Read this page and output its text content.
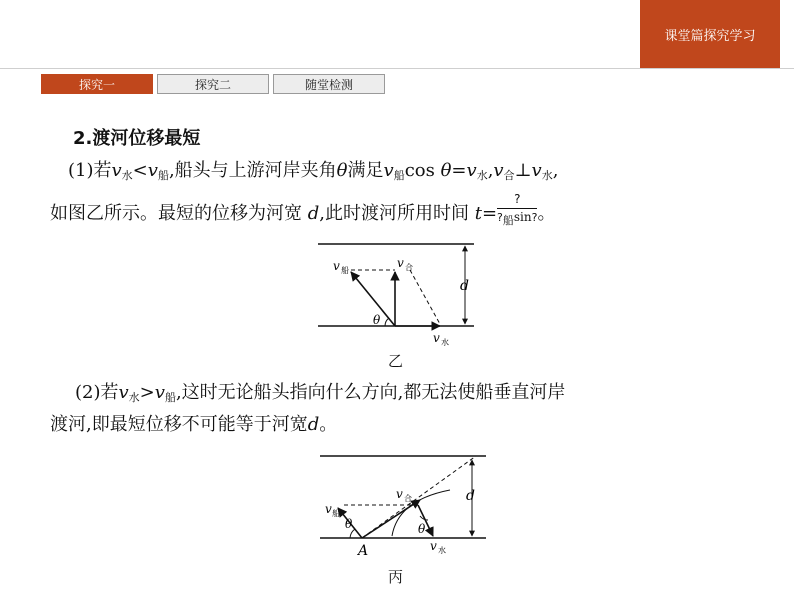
课堂篇探究学习
探究一	探究二	随堂检测
2.渡河位移最短
(1)若$v_水<v_船$,船头与上游河岸夹角θ满足$v_船\cos$ $\theta=v_水,v_合\perp v_水$,
如图乙所示。最短的位移为河宽 d,此时渡河所用时间 $t= \frac{?}{?_船\sin?}$ 。
v 船
v 合
v 水
θ
d
v 船
v 合
v 水
θ	θ
A
d
乙
(2)若$v_水>v_船$,这时无论船头指向什么方向,都无法使船垂直河岸
渡河,即最短位移不可能等于河宽d。
丙
